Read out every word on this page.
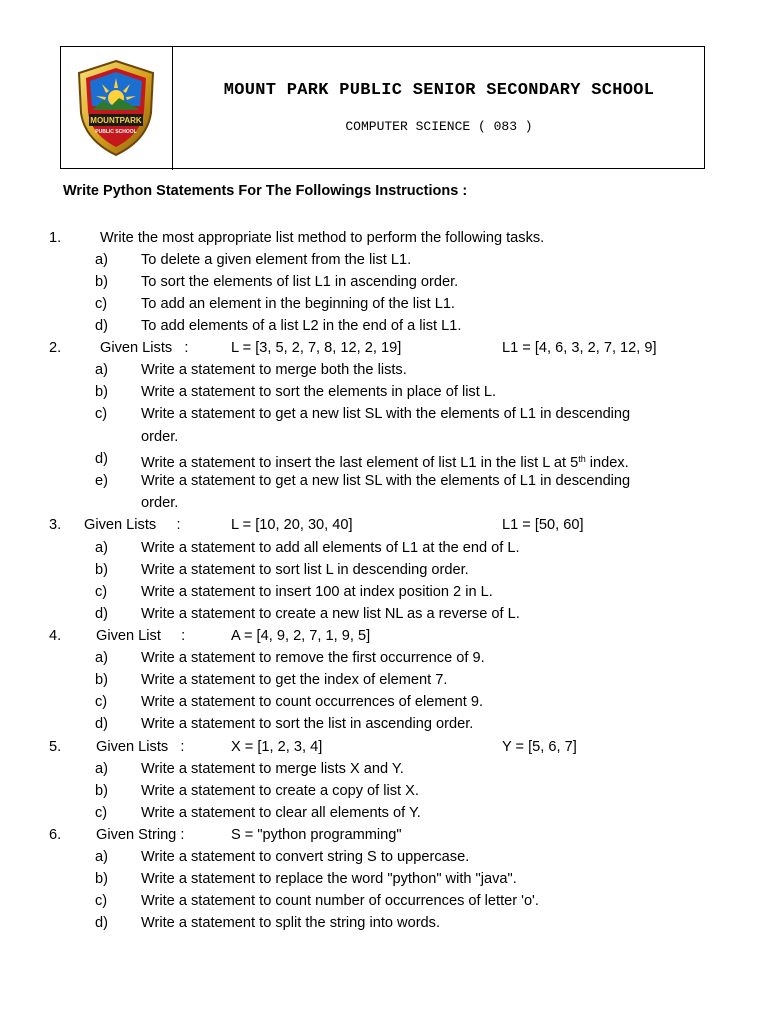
MOUNTPARK
PUBLIC SCHOOL
MOUNT PARK PUBLIC SENIOR SECONDARY SCHOOL
COMPUTER SCIENCE ( 083 )
Write Python Statements For The Followings Instructions :
1.	Write the most appropriate list method to perform the following tasks.
a) To delete a given element from the list L1.
b) To sort the elements of list L1 in ascending order.
c) To add an element in the beginning of the list L1.
d) To add elements of a list L2 in the end of a list L1.
2.	Given Lists   :	L = [3, 5, 2, 7, 8, 12, 2, 19]	L1 = [4, 6, 3, 2, 7, 12, 9]
a) Write a statement to merge both the lists.
b) Write a statement to sort the elements in place of list L.
c) Write a statement to get a new list SL with the elements of L1 in descending
order.
d) Write a statement to insert the last element of list L1 in the list L at 5th index.
e) Write a statement to get a new list SL with the elements of L1 in descending
order.
3. Given Lists     :	L = [10, 20, 30, 40]	L1 = [50, 60]
a) Write a statement to add all elements of L1 at the end of L.
b) Write a statement to sort list L in descending order.
c) Write a statement to insert 100 at index position 2 in L.
d) Write a statement to create a new list NL as a reverse of L.
4. Given List     :	A = [4, 9, 2, 7, 1, 9, 5]
a) Write a statement to remove the first occurrence of 9.
b) Write a statement to get the index of element 7.
c) Write a statement to count occurrences of element 9.
d) Write a statement to sort the list in ascending order.
5. Given Lists   :	X = [1, 2, 3, 4]	Y = [5, 6, 7]
a) Write a statement to merge lists X and Y.
b) Write a statement to create a copy of list X.
c) Write a statement to clear all elements of Y.
6. Given String :	S = "python programming"
a) Write a statement to convert string S to uppercase.
b) Write a statement to replace the word "python" with "java".
c) Write a statement to count number of occurrences of letter 'o'.
d) Write a statement to split the string into words.
